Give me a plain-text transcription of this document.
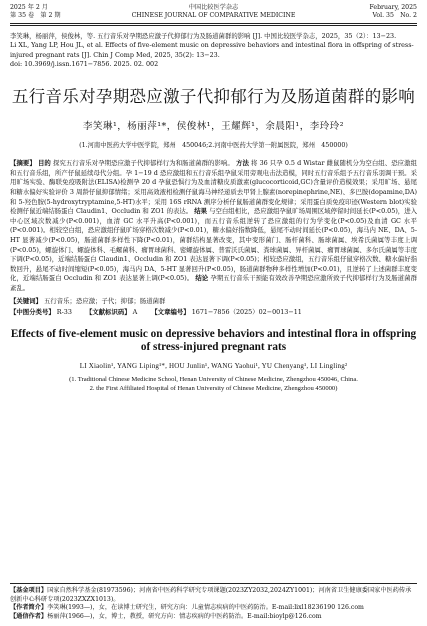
2025 年 2 月
第 35 卷　第 2 期
中国比较医学杂志
CHINESE JOURNAL OF COMPARATIVE MEDICINE
February, 2025
Vol. 35　No. 2

李笑琳，杨丽萍，侯俊林，等. 五行音乐对孕期恐应激子代抑郁行为及肠道菌群的影响 [J]. 中国比较医学杂志，2025，35（2）：13−23.

Li XL, Yang LP, Hou JL, et al. Effects of five-element music on depressive behaviors and intestinal flora in offspring of stress-injured pregnant rats [J]. Chin J Comp Med, 2025, 35(2): 13−23.

doi: 10.3969/j.issn.1671−7856. 2025. 02. 002

五行音乐对孕期恐应激子代抑郁行为及肠道菌群的影响
李笑琳¹，杨丽萍¹*，侯俊林¹，王耀辉¹，余晨阳¹，李玲玲²
(1.河南中医药大学中医学院，郑州　450046;2.河南中医药大学第一附属医院，郑州　450000)
【摘要】 目的 探究五行音乐对孕期恐应激子代抑郁样行为和肠道菌群的影响。 方法 将 36 只孕 0.5 d Wistar 雌鼠随机分为空白组、恐应激组和五行音乐组，所产仔鼠延续母代分组。孕 1−19 d 恐应激组和五行音乐组孕鼠采用旁观电击法造模，同时五行音乐组予五行音乐羽调干预。采用旷场实验、酶联免疫吸附法(ELISA)检测孕 20 d 孕鼠恐惧行为及血清糖皮质激素(glucocorticoid,GC)含量评价造模效果；采用旷场、悬尾和糖水偏好实验评价 3 周龄仔鼠抑郁情绪；采用高效液相检测仔鼠海马神经递质去甲肾上腺素(norepinephrine,NE)、多巴胺(dopamine,DA)和 5-羟色胺(5-hydroxytryptamine,5-HT)水平；采用 16S rRNA 测序分析仔鼠肠道菌群变化规律；采用蛋白质免疫印迹(Western blot)实验检测仔鼠近端结肠蛋白 Claudin1、Occludin 和 ZO1 的表达。 结果 与空白组相比，恐应激组孕鼠旷场周围区域停留时间延长(P<0.05)，进入中心区域次数减少(P<0.001)，血清 GC 水平升高(P<0.001)，而五行音乐组逆转了恐应激组的行为学变化(P<0.05)及血清 GC 水平(P<0.001)。相较空白组，恐应激组仔鼠旷场穿格次数减少(P<0.01)，糖水偏好指数降低，悬尾不动时间延长(P<0.05)，海马内 NE、DA、5-HT 显著减少(P<0.05)，肠道菌群多样性下降(P<0.01)，菌群结构显著改变，其中变形菌门、肠杆菌科、肠球菌属、埃希氏菌属等丰度上调(P<0.05)，螺旋体门、螺旋体科、毛螺菌科、瘤胃球菌科、密螺旋体属、普雷沃氏菌属、粪球菌属、异杆菌属、瘤胃球菌属、多尔氏菌属等丰度下调(P<0.05)，近端结肠蛋白 Claudin1、Occludin 和 ZO1 表达显著下调(P<0.05)；相较恐应激组，五行音乐组仔鼠穿格次数、糖水偏好指数回升，悬尾不动时间缩短(P<0.05)，海马内 DA、5-HT 显著回升(P<0.05)，肠道菌群物种多样性增加(P<0.01)，且逆转了上述菌群丰度变化，近端结肠蛋白 Occludin 和 ZO1 表达显著上调(P<0.05)。 结论 孕期五行音乐干预能有效改善孕期恐应激所致子代抑郁样行为及肠道菌群紊乱。
【关键词】 五行音乐；恐应激；子代；抑郁；肠道菌群
【中图分类号】 R-33 【文献标识码】 A 【文章编号】 1671−7856（2025）02−0013−11
Effects of five-element music on depressive behaviors and intestinal flora in offspring of stress-injured pregnant rats
LI Xiaolin¹, YANG Liping¹*, HOU Junlin¹, WANG Yaohui¹, YU Chenyang¹, LI Lingling²
(1. Traditional Chinese Medicine School, Henan University of Chinese Medicine, Zhengzhou 450046, China.
2. the First Affiliated Hospital of Henan University of Chinese Medicine, Zhengzhou 450000)

【基金项目】国家自然科学基金(81973596)；河南省中医药科学研究专项课题(2023ZY2032,2024ZY1001)；河南省卫生健康委国家中医药传承创新中心科研专项(2023ZXZX1013)。

【作者简介】李笑琳(1993—)，女，在读博士研究生，研究方向：儿童情志疾病的中医药防治。E-mail:lixl18236190 126.com

【通信作者】杨丽萍(1966—)，女，博士，教授，研究方向：情志疾病的中医药防治。E-mail:bioylp@126.com
